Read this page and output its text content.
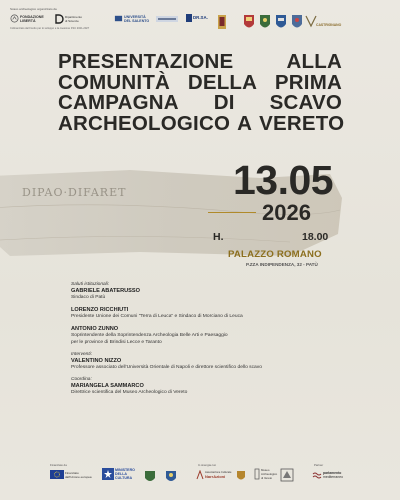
Scavo archeologico organizzato da
FONDAZIONE
LIBERTÀ
Dipartimento
di Scienze
UNIVERSITÀ
DEL SALENTO
DR.SA.
Cofinanziato dal Fondo per lo sviluppo e la coesione FSC 2021-2027
CASTRIGNANO
DIPAO·DIFARET
PRESENTAZIONE	ALLA
COMUNITÀ DELLA PRIMA
CAMPAGNA DI SCAVO
ARCHEOLOGICO A VERETO
13.05
2026
H.	18.00
PALAZZO ROMANO
P.ZZA INDIPENDENZA, 32 - PATÙ
Saluti istituzionali:
GABRIELE ABATERUSSO
Sindaco di Patù
LORENZO RICCHIUTI
Presidente Unione dei Comuni "Terra di Leuca" e Sindaco di Morciano di Leuca
ANTONIO ZUNNO
Soprintendente della Soprintendenza Archeologia Belle Arti e Paesaggio
per le province di Brindisi Lecce e Taranto
Interventi:
VALENTINO NIZZO
Professore associato dell'Università Orientale di Napoli e direttore scientifico dello scavo
Coordina:
MARIANGELA SAMMARCO
Direttrice scientifica del Museo Archeologico di Vereto
Finanziato da
Finanziato
dall'Unione europea
MINISTERO
DELLA
CULTURA
In sinergia con
Associazione Culturale
NarrAzioni
Museo
Archeologico
di Vereto
Partner
parlamento
mediterraneo
